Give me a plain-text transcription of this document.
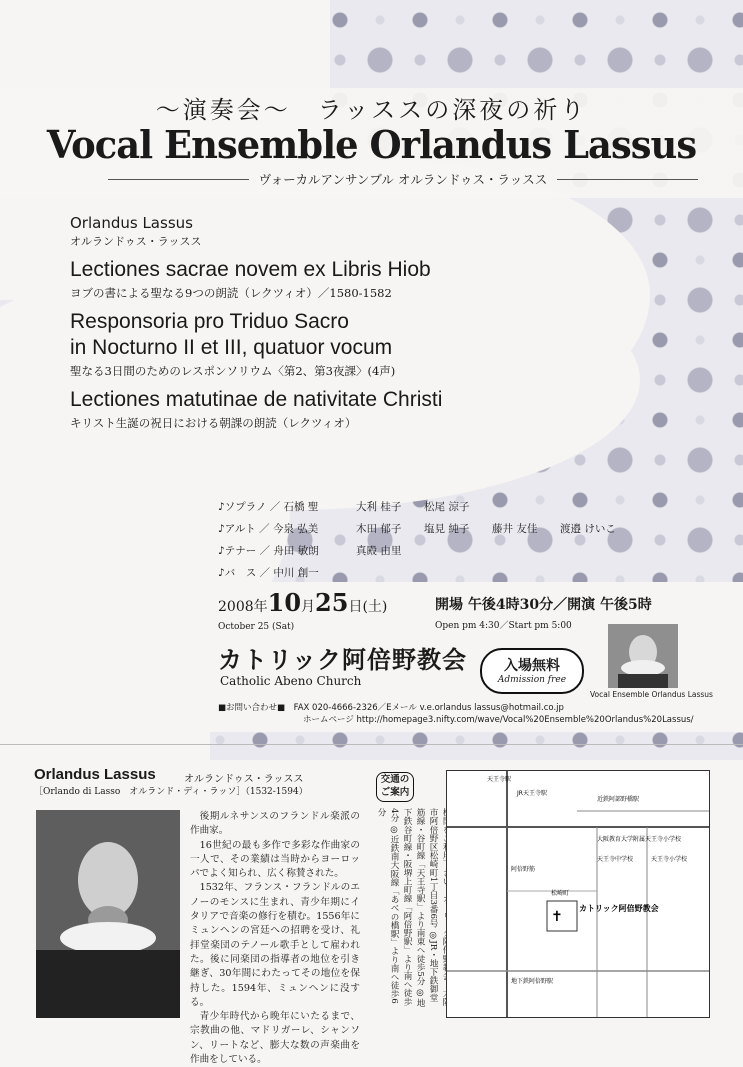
～演奏会～　ラッススの深夜の祈り
Vocal Ensemble Orlandus Lassus
ヴォーカルアンサンブル オルランドゥス・ラッスス
Orlandus Lassus
オルランドゥス・ラッスス
Lectiones sacrae novem ex Libris Hiob
ヨブの書による聖なる9つの朗読（レクツィオ）／1580-1582
Responsoria pro Triduo Sacro
in Nocturno II et III, quatuor vocum
聖なる3日間のためのレスポンソリウム〈第2、第3夜課〉(4声)
Lectiones matutinae de nativitate Christi
キリスト生誕の祝日における朝課の朗読（レクツィオ）
♪ソプラノ ／ 石橋 聖	大利 桂子	松尾 涼子
♪アルト ／ 今泉 弘美	木田 郁子	塩見 純子	藤井 友佳	渡邉 けいこ
♪テナー ／ 舟田 敏朗	真殿 由里
♪バ　ス ／ 中川 創一
2008年10月25日(土)
October 25 (Sat)
開場 午後4時30分／開演 午後5時
Open pm 4:30／Start pm 5:00
カトリック阿倍野教会
Catholic Abeno Church
入場無料
Admission free
Vocal Ensemble Orlandus Lassus
■お問い合わせ■　 FAX 020-4666-2326／Eメール v.e.orlandus lassus@hotmail.co.jp
ホームページ http://homepage3.nifty.com/wave/Vocal%20Ensemble%20Orlandus%20Lassus/
Orlandus Lassus	オルランドゥス・ラッスス
［Orlando di Lasso　オルランド・ディ・ラッソ］（1532-1594）

後期ルネサンスのフランドル楽派の作曲家。

16世紀の最も多作で多彩な作曲家の一人で、その業績は当時からヨーロッパでよく知られ、広く称賛された。

1532年、フランス・フランドルのエノーのモンスに生まれ、青少年期にイタリアで音楽の修行を積む。1556年にミュンヘンの宮廷への招聘を受け、礼拝堂楽団のテノール歌手として雇われた。後に同楽団の指導者の地位を引き継ぎ、30年間にわたってその地位を保持した。1594年、ミュンヘンに没する。

青少年時代から晩年にいたるまで、宗教曲の他、マドリガーレ、シャンソン、リートなど、膨大な数の声楽曲を作曲をしている。

交通の
ご案内
　市阿倍野区松崎町1丁目3番6号 ◎JR・地下鉄御堂筋線・谷町線「天王寺駅」より南東へ徒歩5分 ◎地下鉄谷町線・阪堺上町線「阿倍野駅」より南へ徒歩4分 ◎近鉄南大阪線「あべの橋駅」より南へ徒歩6分
✝
天王寺駅
JR天王寺駅
近鉄阿部野橋駅
阿倍野筋
松崎町
天王寺中学校	天王寺小学校
カトリック阿倍野教会
地下鉄阿倍野駅
大阪教育大学附属天王寺小学校
